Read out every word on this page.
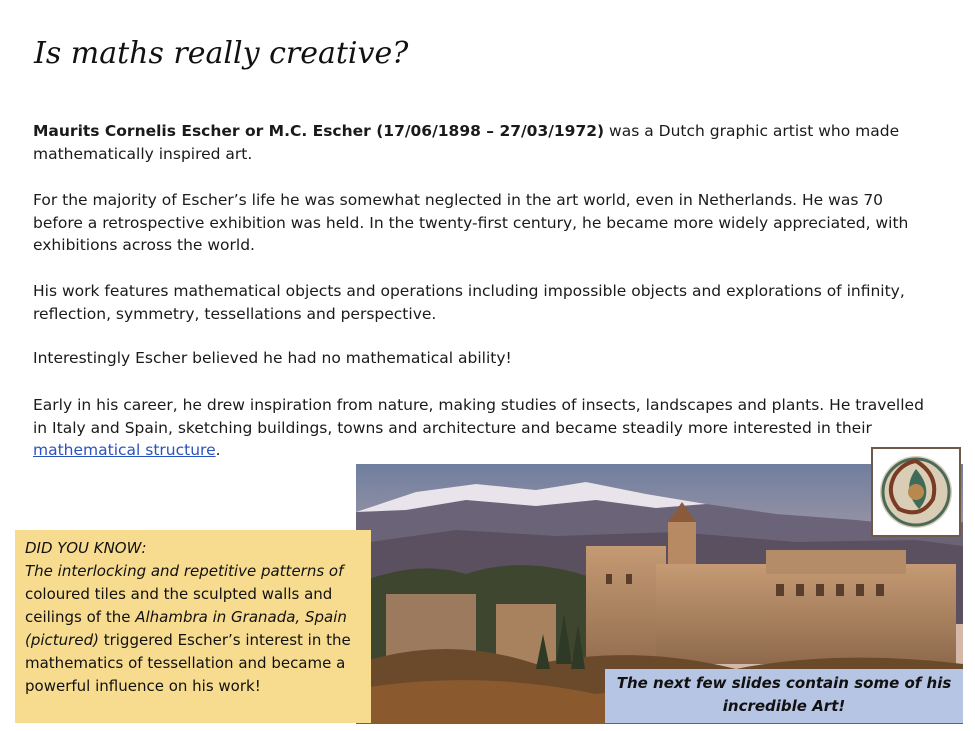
Is maths really creative?

Maurits Cornelis Escher or M.C. Escher (17/06/1898 – 27/03/1972) was a Dutch graphic artist who made mathematically inspired art.

For the majority of Escher’s life he was somewhat neglected in the art world, even in Netherlands. He was 70 before a retrospective exhibition was held. In the twenty-first century, he became more widely appreciated, with exhibitions across the world.

His work features mathematical objects and operations including impossible objects and explorations of infinity, reflection, symmetry, tessellations and perspective.

Interestingly Escher believed he had no mathematical ability!

Early in his career, he drew inspiration from nature, making studies of insects, landscapes and plants. He travelled in Italy and Spain, sketching buildings, towns and architecture and became steadily more interested in their mathematical structure.

DID YOU KNOW:
The interlocking and repetitive patterns of coloured tiles and the sculpted walls and ceilings of the Alhambra in Granada, Spain (pictured) triggered Escher’s interest in the mathematics of tessellation and became a powerful influence on his work!	The next few slides contain some of his incredible Art!
